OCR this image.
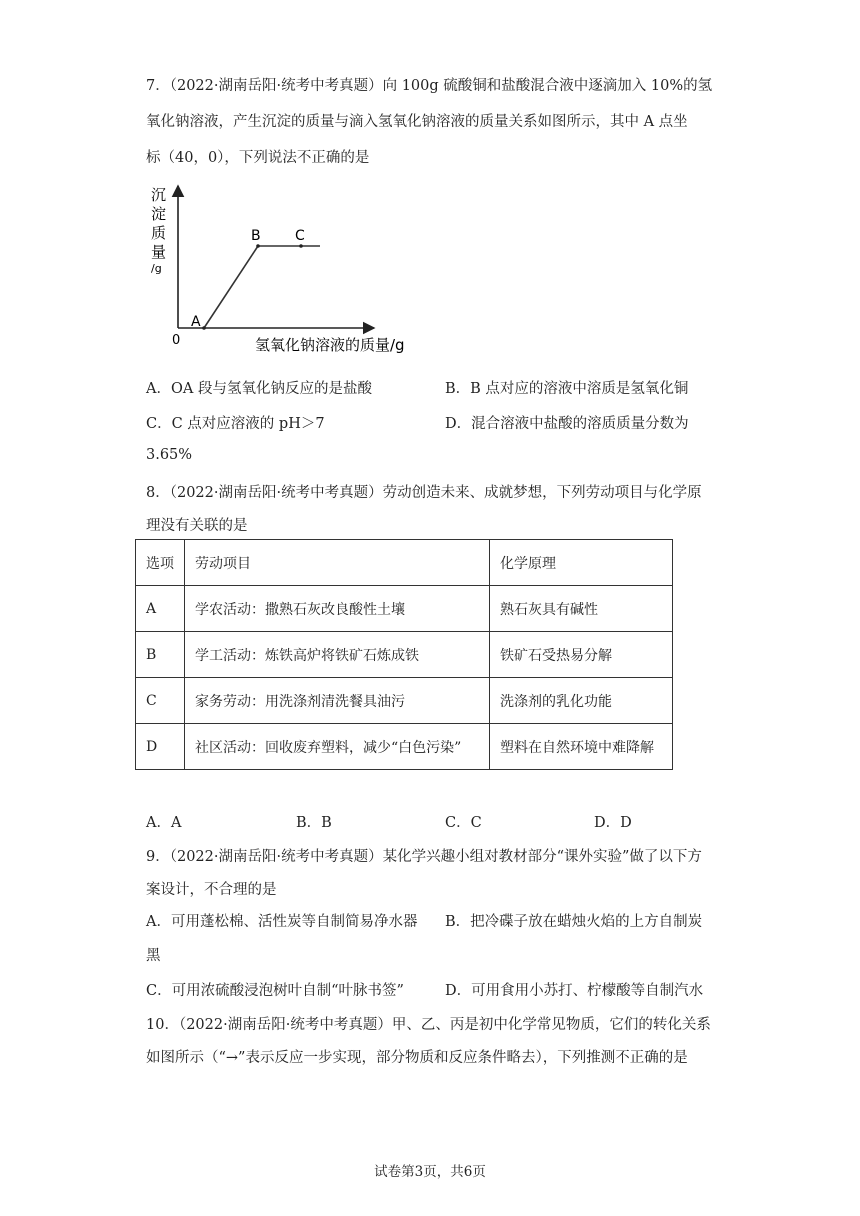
7．（2022·湖南岳阳·统考中考真题）向 100g 硫酸铜和盐酸混合液中逐滴加入 10%的氢
氧化钠溶液，产生沉淀的质量与滴入氢氧化钠溶液的质量关系如图所示，其中 A 点坐
标（40，0），下列说法不正确的是
沉
淀
质
量
/g
0	氢氧化钠溶液的质量/g
A
B C
A．OA 段与氢氧化钠反应的是盐酸	B．B 点对应的溶液中溶质是氢氧化铜
C．C 点对应溶液的 pH＞7	D．混合溶液中盐酸的溶质质量分数为
3.65%
8．（2022·湖南岳阳·统考中考真题）劳动创造未来、成就梦想，下列劳动项目与化学原
理没有关联的是
选项	劳动项目	化学原理
A	学农活动：撒熟石灰改良酸性土壤	熟石灰具有碱性
B	学工活动：炼铁高炉将铁矿石炼成铁	铁矿石受热易分解
C	家务劳动：用洗涤剂清洗餐具油污	洗涤剂的乳化功能
D	社区活动：回收废弃塑料，减少“白色污染”	塑料在自然环境中难降解
A．A	B．B	C．C	D．D
9．（2022·湖南岳阳·统考中考真题）某化学兴趣小组对教材部分“课外实验”做了以下方
案设计，不合理的是
A．可用蓬松棉、活性炭等自制简易净水器 B．把冷碟子放在蜡烛火焰的上方自制炭
黑
C．可用浓硫酸浸泡树叶自制“叶脉书签”	D．可用食用小苏打、柠檬酸等自制汽水
10．（2022·湖南岳阳·统考中考真题）甲、乙、丙是初中化学常见物质，它们的转化关系
如图所示（“→”表示反应一步实现，部分物质和反应条件略去），下列推测不正确的是
试卷第3页，共6页
